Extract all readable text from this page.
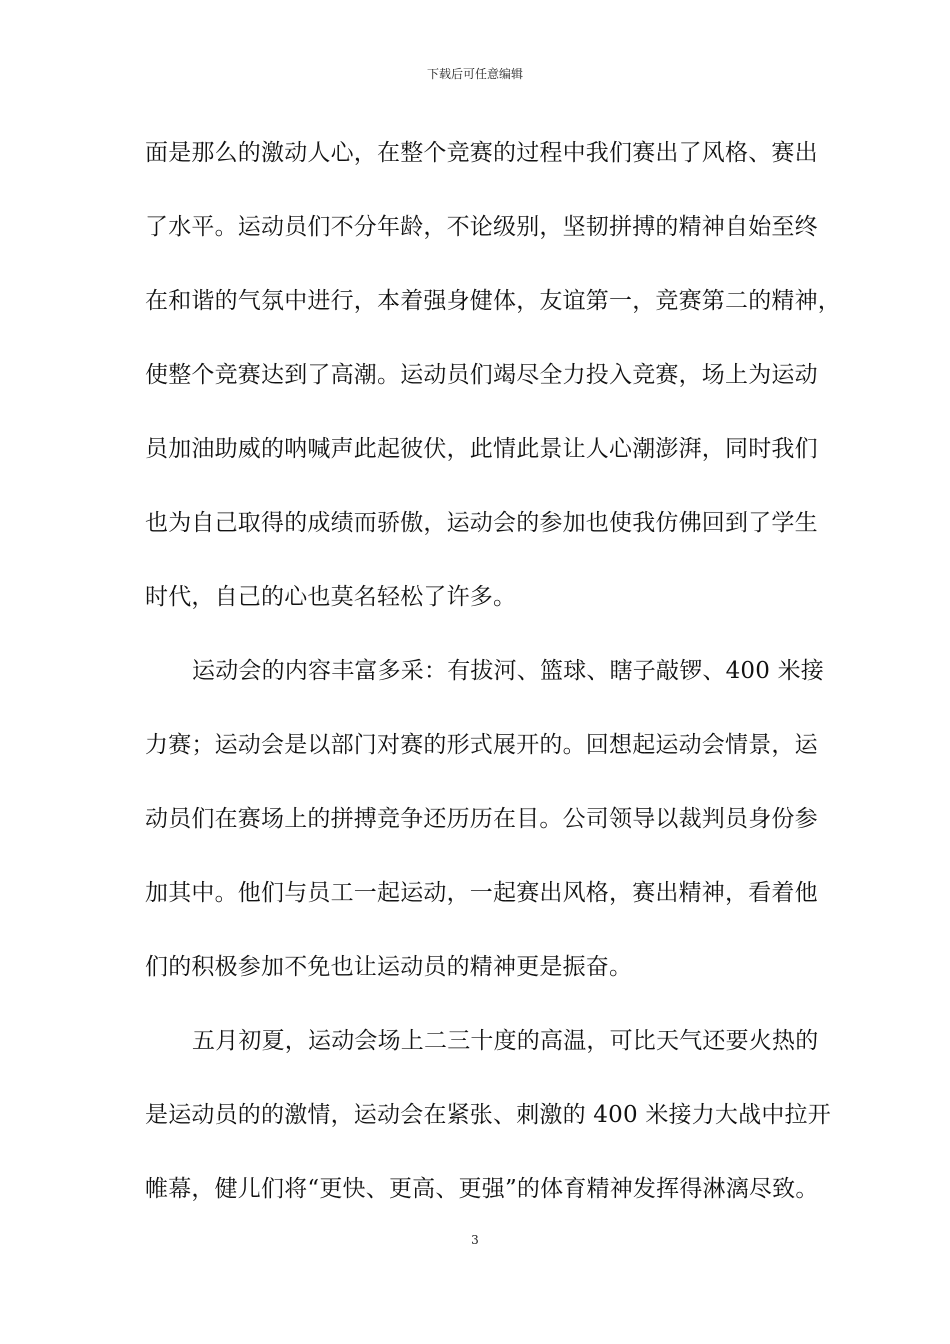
下载后可任意编辑
面是那么的激动人心，在整个竞赛的过程中我们赛出了风格、赛出
了水平。运动员们不分年龄，不论级别，坚韧拼搏的精神自始至终
在和谐的气氛中进行，本着强身健体，友谊第一，竞赛第二的精神，
使整个竞赛达到了高潮。运动员们竭尽全力投入竞赛，场上为运动
员加油助威的呐喊声此起彼伏，此情此景让人心潮澎湃，同时我们
也为自己取得的成绩而骄傲，运动会的参加也使我仿佛回到了学生
时代，自己的心也莫名轻松了许多。
运动会的内容丰富多采：有拔河、篮球、瞎子敲锣、400 米接
力赛；运动会是以部门对赛的形式展开的。回想起运动会情景，运
动员们在赛场上的拼搏竞争还历历在目。公司领导以裁判员身份参
加其中。他们与员工一起运动，一起赛出风格，赛出精神，看着他
们的积极参加不免也让运动员的精神更是振奋。
五月初夏，运动会场上二三十度的高温，可比天气还要火热的
是运动员的的激情，运动会在紧张、刺激的 400 米接力大战中拉开
帷幕，健儿们将“更快、更高、更强”的体育精神发挥得淋漓尽致。
3
